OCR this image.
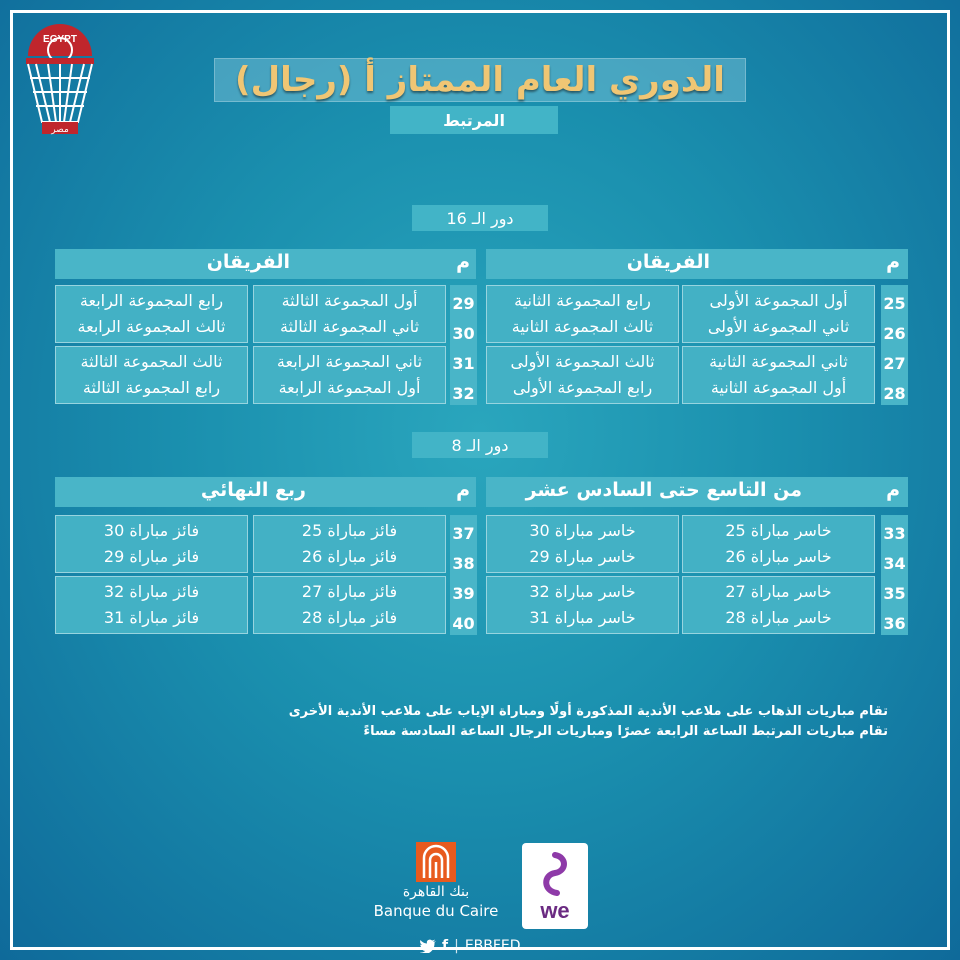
EGYPT
مصر
الدوري العام الممتاز أ (رجال)
المرتبط
دور الـ 16
م
الفريقان
م
الفريقان
25
26
27
28
أول المجموعة الأولى
ثاني المجموعة الأولى
رابع المجموعة الثانية
ثالث المجموعة الثانية
ثاني المجموعة الثانية
أول المجموعة الثانية
ثالث المجموعة الأولى
رابع المجموعة الأولى
29
30
31
32
أول المجموعة الثالثة
ثاني المجموعة الثالثة
رابع المجموعة الرابعة
ثالث المجموعة الرابعة
ثاني المجموعة الرابعة
أول المجموعة الرابعة
ثالث المجموعة الثالثة
رابع المجموعة الثالثة
دور الـ 8
م
من التاسع حتى السادس عشر
م
ربع النهائي
33
34
35
36
خاسر مباراة 25
خاسر مباراة 26
خاسر مباراة 30
خاسر مباراة 29
خاسر مباراة 27
خاسر مباراة 28
خاسر مباراة 32
خاسر مباراة 31
37
38
39
40
فائز مباراة 25
فائز مباراة 26
فائز مباراة 30
فائز مباراة 29
فائز مباراة 27
فائز مباراة 28
فائز مباراة 32
فائز مباراة 31
تقام مباريات الذهاب على ملاعب الأندية المذكورة أولًا ومباراة الإياب على ملاعب الأندية الأخرى
تقام مباريات المرتبط الساعة الرابعة عصرًا ومباريات الرجال الساعة السادسة مساءً
بنك القاهرة
Banque du Caire	we
f | EBBFED
